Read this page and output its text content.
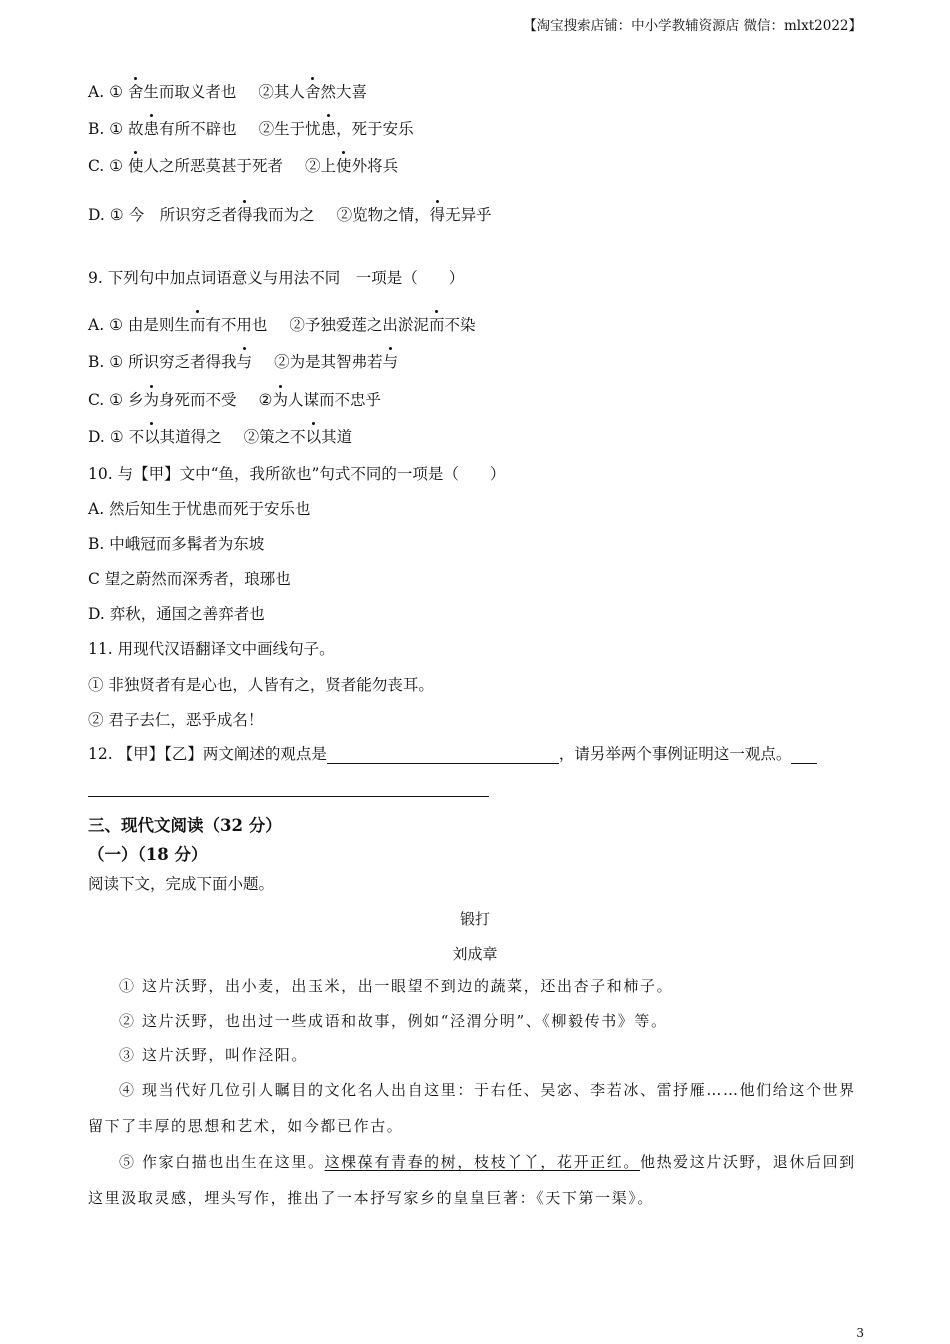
【淘宝搜索店铺：中小学教辅资源店 微信：mlxt2022】
A. ① 舍生而取义者也 ②其人舍然大喜
B. ① 故患有所不辟也 ②生于忧患，死于安乐
C. ① 使人之所恶莫甚于死者 ②上使外将兵
D. ① 今　所识穷乏者得我而为之 ②览物之情，得无异乎
9. 下列句中加点词语意义与用法不同　一项是（　　）
A. ① 由是则生而有不用也 ②予独爱莲之出淤泥而不染
B. ① 所识穷乏者得我与 ②为是其智弗若与
C. ① 乡为身死而不受 ②为人谋而不忠乎
D. ① 不以其道得之 ②策之不以其道
10. 与【甲】文中“鱼，我所欲也”句式不同的一项是（　　）
A. 然后知生于忧患而死于安乐也
B. 中峨冠而多髯者为东坡
C 望之蔚然而深秀者，琅琊也
D. 弈秋，通国之善弈者也
11. 用现代汉语翻译文中画线句子。
① 非独贤者有是心也，人皆有之，贤者能勿丧耳。
② 君子去仁，恶乎成名！
12. 【甲】【乙】两文阐述的观点是	，请另举两个事例证明这一观点。
三、现代文阅读（32 分）
（一）（18 分）
阅读下文，完成下面小题。
锻打
刘成章
① 这片沃野，出小麦，出玉米，出一眼望不到边的蔬菜，还出杏子和柿子。
② 这片沃野，也出过一些成语和故事，例如“泾渭分明”、《柳毅传书》等。
③ 这片沃野，叫作泾阳。
④ 现当代好几位引人瞩目的文化名人出自这里：于右任、吴宓、李若冰、雷抒雁……他们给这个世界留下了丰厚的思想和艺术，如今都已作古。
⑤ 作家白描也出生在这里。这棵葆有青春的树，枝枝丫丫，花开正红。他热爱这片沃野，退休后回到这里汲取灵感，埋头写作，推出了一本抒写家乡的皇皇巨著：《天下第一渠》。
3
